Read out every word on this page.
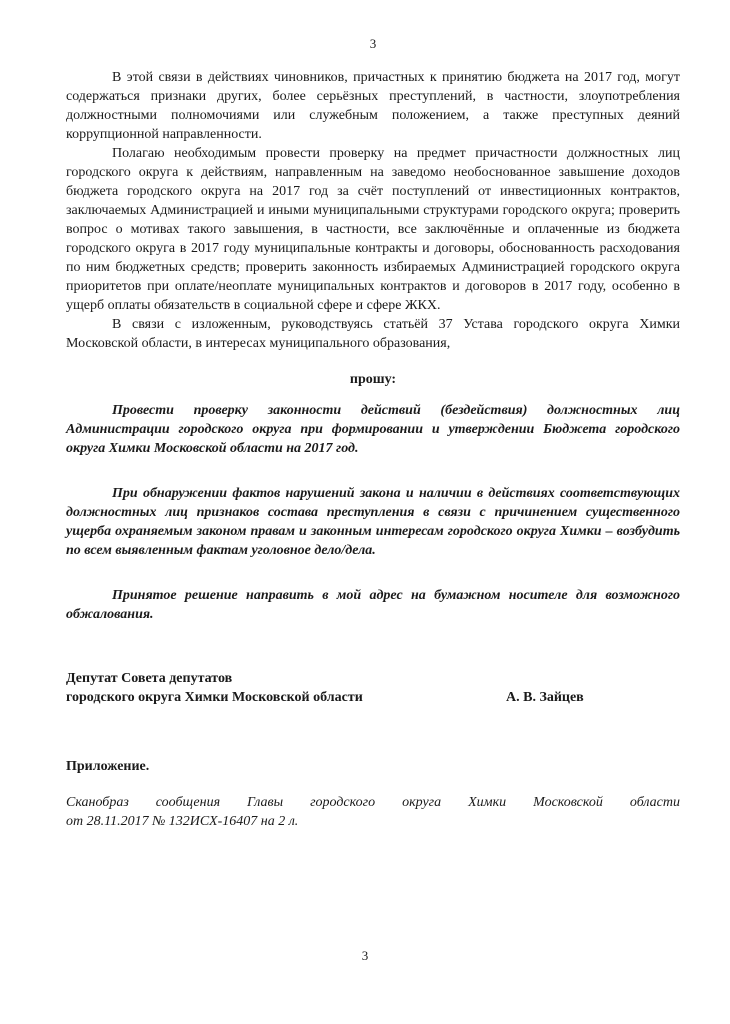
3

В этой связи в действиях чиновников, причастных к принятию бюджета на 2017 год, могут содержаться признаки других, более серьёзных преступлений, в частности, злоупотребления должностными полномочиями или служебным положением, а также преступных деяний коррупционной направленности.

Полагаю необходимым провести проверку на предмет причастности должностных лиц городского округа к действиям, направленным на заведомо необоснованное завышение доходов бюджета городского округа на 2017 год за счёт поступлений от инвестиционных контрактов, заключаемых Администрацией и иными муниципальными структурами городского округа; проверить вопрос о мотивах такого завышения, в частности, все заключённые и оплаченные из бюджета городского округа в 2017 году муниципальные контракты и договоры, обоснованность расходования по ним бюджетных средств; проверить законность избираемых Администрацией городского округа приоритетов при оплате/неоплате муниципальных контрактов и договоров в 2017 году, особенно в ущерб оплаты обязательств в социальной сфере и сфере ЖКХ.

В связи с изложенным, руководствуясь статьёй 37 Устава городского округа Химки Московской области, в интересах муниципального образования,

прошу:

Провести проверку законности действий (бездействия) должностных лиц Администрации городского округа при формировании и утверждении Бюджета городского округа Химки Московской области на 2017 год.

При обнаружении фактов нарушений закона и наличии в действиях соответствующих должностных лиц признаков состава преступления в связи с причинением существенного ущерба охраняемым законом правам и законным интересам городского округа Химки – возбудить по всем выявленным фактам уголовное дело/дела.

Принятое решение направить в мой адрес на бумажном носителе для возможного обжалования.

Депутат Совета депутатов
городского округа Химки Московской области	А. В. Зайцев
Приложение.
Сканобраз сообщения Главы городского округа Химки Московской области
от 28.11.2017 № 132ИСХ-16407 на 2 л.
3
